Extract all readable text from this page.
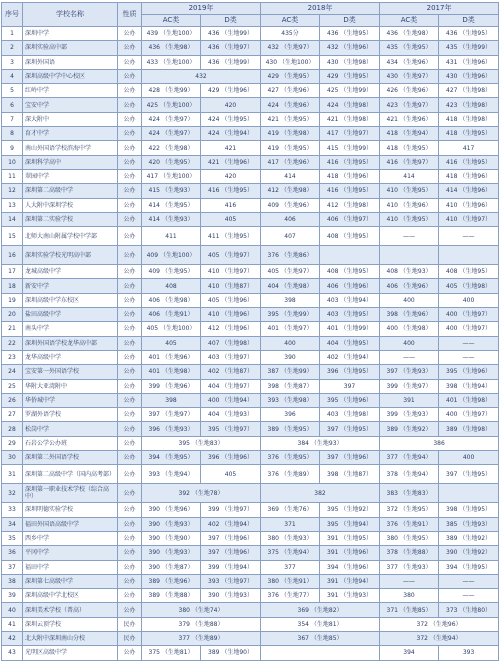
序号	学校名称	性质	2019年		2018年		2017年	
			AC类	D类	AC类	D类	AC类	D类
1	深圳中学	公办	439 （生地100）	436 （生地99）	435分	436 （生地95）	436 （生地98）	436 （生地95）
2	深圳实验高中部	公办	436 （生地98）	436 （生地97）	432 （生地97）	432 （生地96）	435 （生地95）	435 （生地99）
3	深圳外国语	公办	433 （生地100）	436 （生地99）	430 （生地100）	430 （生地98）	434 （生地96）	431 （生地96）
4	深圳高级中学中心校区	公办	432		429 （生地95）	429 （生地95）	430 （生地97）	430 （生地96）
5	红岭中学	公办	428 （生地99）	429 （生地96）	427 （生地96）	425 （生地99）	426 （生地96）	427 （生地98）
6	宝安中学	公办	425 （生地100）	420	424 （生地96）	424 （生地98）	423 （生地97）	423 （生地98）
7	深大附中	公办	424 （生地97）	424 （生地95）	421 （生地95）	421 （生地98）	421 （生地96）	418 （生地98）
8	育才中学	公办	424 （生地97）	424 （生地94）	419 （生地98）	417 （生地97）	418 （生地94）	418 （生地95）
9	南山外国语学校滨海中学	公办	422 （生地98）	421	419 （生地95）	415 （生地99）	418 （生地95）	417
10	深圳科学高中	公办	420 （生地95）	421 （生地96）	417 （生地96）	416 （生地95）	416 （生地97）	416 （生地95）
11	翠园中学	公办	417 （生地100）	420	414	418 （生地96）	414	418 （生地96）
12	深圳第二高级中学	公办	415 （生地93）	416 （生地95）	412 （生地98）	416 （生地95）	410 （生地95）	414 （生地96）
13	人大附中深圳学校	公办	414 （生地95）	416	409 （生地96）	412 （生地98）	410 （生地96）	410 （生地96）
14	深圳第二实验学校	公办	414 （生地93）	405	406	406 （生地97）	410 （生地95）	410 （生地97）
15	北师大南山附属学校中学部	公办	411	411 （生地95）	407	408 （生地95）	——	——
16	深圳实验学校光明高中部	公办	409 （生地100）	405 （生地97）	376 （生地86）			
17	龙城高级中学	公办	409 （生地95）	410 （生地97）	405 （生地97）	408 （生地95）	408 （生地93）	408 （生地95）
18	新安中学	公办	408	410 （生地87）	404 （生地98）	406 （生地96）	406 （生地96）	405 （生地98）
19	深圳高级中学东校区	公办	406 （生地98）	405 （生地96）	398	403 （生地94）	400	400
20	盐田高级中学	公办	406 （生地91）	410 （生地96）	395 （生地99）	403 （生地95）	398 （生地96）	400 （生地97）
21	南头中学	公办	405 （生地100）	412 （生地96）	401 （生地97）	401 （生地99）	400 （生地98）	400 （生地97）
22	深圳外国语学校龙华高中部	公办	405	407 （生地98）	400	404 （生地95）	400	——
23	龙华高级中学	公办	401 （生地96）	403 （生地97）	390	402 （生地94）	——	——
24	宝安第一外国语学校	公办	401 （生地98）	402 （生地87）	387 （生地99）	396 （生地95）	397 （生地93）	395 （生地96）
25	华附大亚湾附中	公办	399 （生地96）	404 （生地97）	398 （生地87）	397	399 （生地97）	398 （生地94）
26	华侨城中学	公办	398	400 （生地94）	393 （生地98）	395 （生地96）	391	401 （生地98）
27	罗湖外语学校	公办	397 （生地97）	404 （生地93）	396	403 （生地98）	399 （生地93）	400 （生地97）
28	松岗中学	公办	396 （生地93）	395 （生地97）	389 （生地95）	397 （生地95）	389 （生地92）	389 （生地98）
29	石岩公学公办班	公办	395 （生地83）		384 （生地93）		386	
30	深圳第二外国语学校	公办	394 （生地95）	396 （生地96）	376 （生地95）	397 （生地96）	377 （生地94）	400
31	深圳第二高级中学（国内高考部）	公办	393 （生地94）	405	376 （生地89）	398 （生地87）	378 （生地94）	397 （生地95）
32	深圳第一职业技术学校（综合高中）	公办	392 （生地78）		382		383 （生地83）	
33	深圳明德实验学校	公办	390 （生地96）	399 （生地97）	369 （生地76）	395 （生地92）	372 （生地95）	398 （生地95）
34	福田外国语高级中学	公办	390 （生地93）	402 （生地94）	371	395 （生地94）	376 （生地91）	385 （生地93）
35	西乡中学	公办	390 （生地90）	397 （生地96）	380 （生地93）	391 （生地95）	380 （生地95）	389 （生地92）
36	平冈中学	公办	390 （生地93）	397 （生地96）	375 （生地94）	391 （生地96）	378 （生地88）	390 （生地92）
37	福田中学	公办	390 （生地87）	399 （生地94）	377	394 （生地96）	377 （生地93）	394 （生地95）
38	深圳第七高级中学	公办	389 （生地96）	393 （生地97）	380 （生地91）	391 （生地94）	——	——
39	深圳高级中学北校区	公办	389 （生地88）	390 （生地93）	376 （生地77）	391 （生地93）	380	——
40	深圳美术学校（普高）	公办	380 （生地74）		369 （生地82）		371 （生地85）	373 （生地80）
41	深圳云顶学校	民办	379 （生地88）		354 （生地81）		372 （生地96）	
42	北大附中深圳南山分校	民办	377 （生地89）		367 （生地85）		372 （生地94）	
43	光明区高级中学	公办	375 （生地81）	389 （生地90）			394	393
